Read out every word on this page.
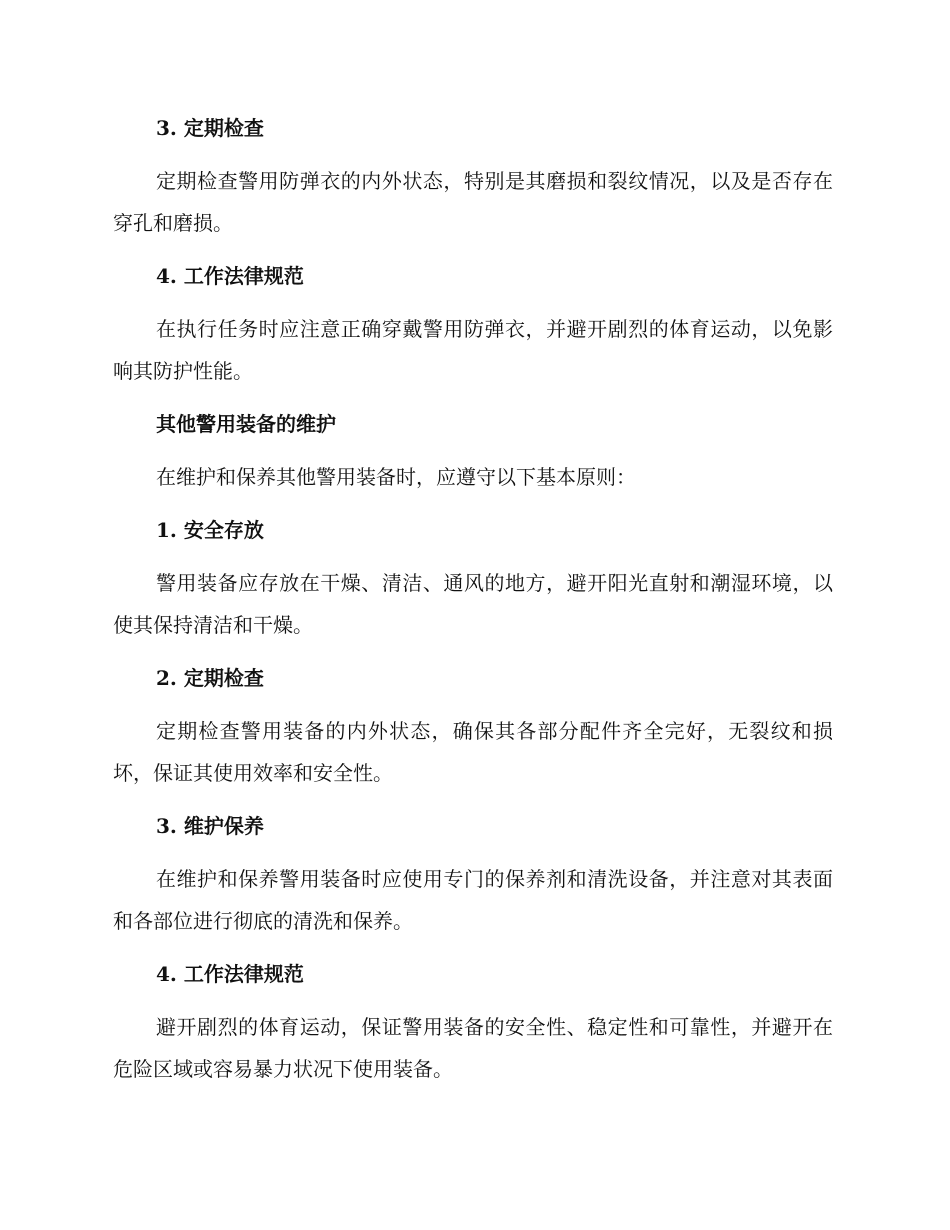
3. 定期检查

定期检查警用防弹衣的内外状态，特别是其磨损和裂纹情况，以及是否存在穿孔和磨损。

4. 工作法律规范

在执行任务时应注意正确穿戴警用防弹衣，并避开剧烈的体育运动，以免影响其防护性能。

其他警用装备的维护

在维护和保养其他警用装备时，应遵守以下基本原则：

1. 安全存放

警用装备应存放在干燥、清洁、通风的地方，避开阳光直射和潮湿环境，以使其保持清洁和干燥。

2. 定期检查

定期检查警用装备的内外状态，确保其各部分配件齐全完好，无裂纹和损坏，保证其使用效率和安全性。

3. 维护保养

在维护和保养警用装备时应使用专门的保养剂和清洗设备，并注意对其表面和各部位进行彻底的清洗和保养。

4. 工作法律规范

避开剧烈的体育运动，保证警用装备的安全性、稳定性和可靠性，并避开在危险区域或容易暴力状况下使用装备。
